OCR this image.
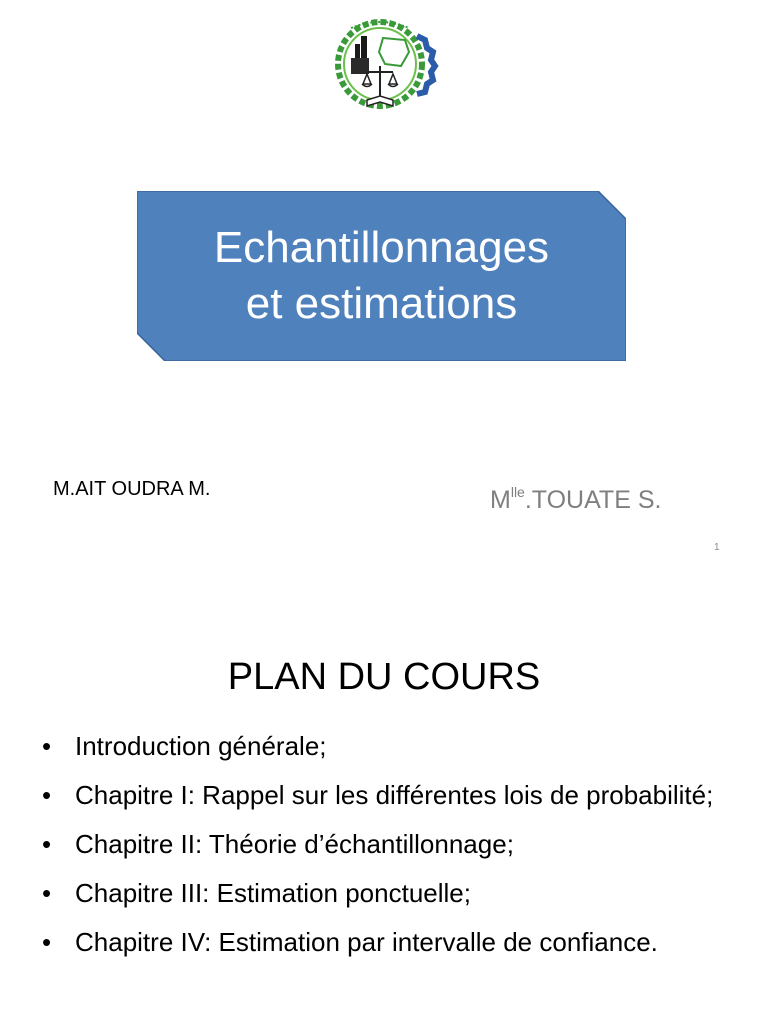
Echantillonnages
et estimations

M.AIT OUDRA M.	$M^{lle}.TOUATE$ S.

1
PLAN DU COURS
• Introduction générale;
• Chapitre I: Rappel sur les différentes lois de probabilité;
• Chapitre II: Théorie d’échantillonnage;
• Chapitre III: Estimation ponctuelle;
• Chapitre IV: Estimation par intervalle de confiance.
